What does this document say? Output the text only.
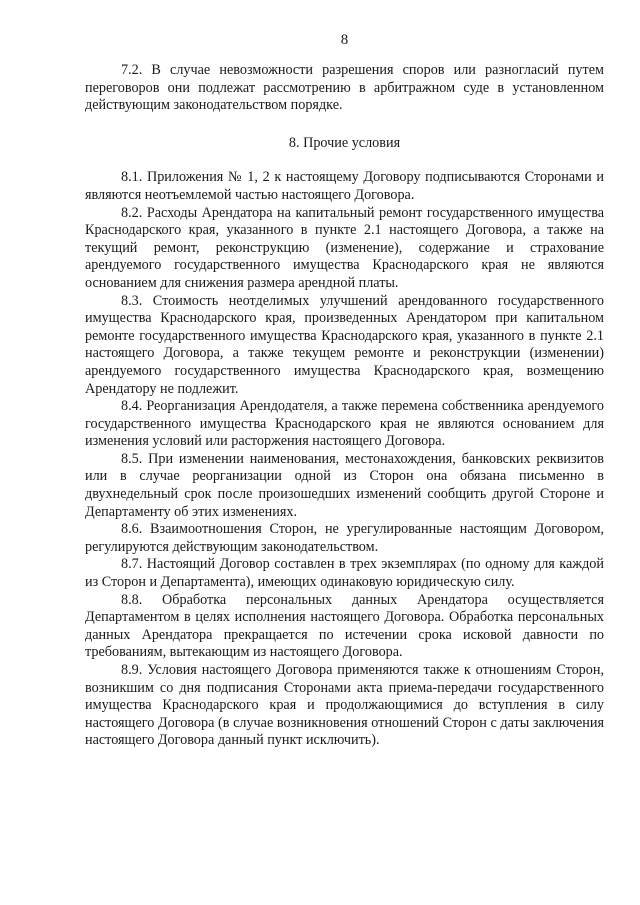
8

7.2. В случае невозможности разрешения споров или разногласий путем переговоров они подлежат рассмотрению в арбитражном суде в установленном действующим законодательством порядке.

8. Прочие условия

8.1. Приложения № 1, 2 к настоящему Договору подписываются Сторонами и являются неотъемлемой частью настоящего Договора.

8.2. Расходы Арендатора на капитальный ремонт государственного имущества Краснодарского края, указанного в пункте 2.1 настоящего Договора, а также на текущий ремонт, реконструкцию (изменение), содержание и страхование арендуемого государственного имущества Краснодарского края не являются основанием для снижения размера арендной платы.

8.3. Стоимость неотделимых улучшений арендованного государственного имущества Краснодарского края, произведенных Арендатором при капитальном ремонте государственного имущества Краснодарского края, указанного в пункте 2.1 настоящего Договора, а также текущем ремонте и реконструкции (изменении) арендуемого государственного имущества Краснодарского края, возмещению Арендатору не подлежит.

8.4. Реорганизация Арендодателя, а также перемена собственника арендуемого государственного имущества Краснодарского края не являются основанием для изменения условий или расторжения настоящего Договора.

8.5. При изменении наименования, местонахождения, банковских реквизитов или в случае реорганизации одной из Сторон она обязана письменно в двухнедельный срок после произошедших изменений сообщить другой Стороне и Департаменту об этих изменениях.

8.6. Взаимоотношения Сторон, не урегулированные настоящим Договором, регулируются действующим законодательством.

8.7. Настоящий Договор составлен в трех экземплярах (по одному для каждой из Сторон и Департамента), имеющих одинаковую юридическую силу.

8.8. Обработка персональных данных Арендатора осуществляется Департаментом в целях исполнения настоящего Договора. Обработка персональных данных Арендатора прекращается по истечении срока исковой давности по требованиям, вытекающим из настоящего Договора.

8.9. Условия настоящего Договора применяются также к отношениям Сторон, возникшим со дня подписания Сторонами акта приема-передачи государственного имущества Краснодарского края и продолжающимися до вступления в силу настоящего Договора (в случае возникновения отношений Сторон с даты заключения настоящего Договора данный пункт исключить).
